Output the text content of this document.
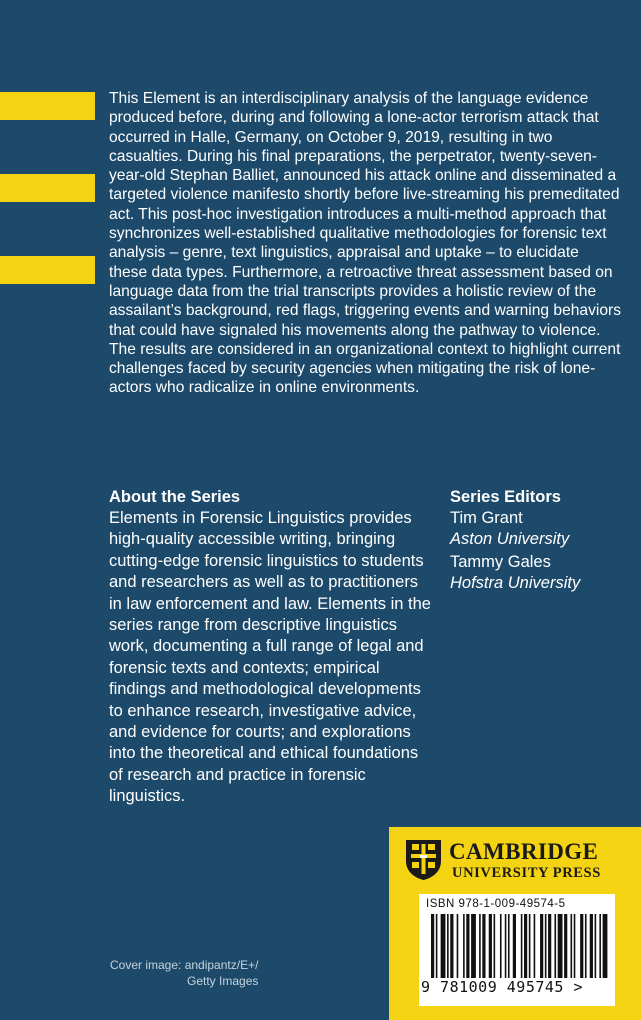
This Element is an interdisciplinary analysis of the language evidence produced before, during and following a lone-actor terrorism attack that occurred in Halle, Germany, on October 9, 2019, resulting in two casualties. During his final preparations, the perpetrator, twenty-seven-year-old Stephan Balliet, announced his attack online and disseminated a targeted violence manifesto shortly before live-streaming his premeditated act. This post-hoc investigation introduces a multi-method approach that synchronizes well-established qualitative methodologies for forensic text analysis – genre, text linguistics, appraisal and uptake – to elucidate these data types. Furthermore, a retroactive threat assessment based on language data from the trial transcripts provides a holistic review of the assailant’s background, red flags, triggering events and warning behaviors that could have signaled his movements along the pathway to violence. The results are considered in an organizational context to highlight current challenges faced by security agencies when mitigating the risk of lone-actors who radicalize in online environments.

About the Series

Elements in Forensic Linguistics provides high-quality accessible writing, bringing cutting-edge forensic linguistics to students and researchers as well as to practitioners in law enforcement and law. Elements in the series range from descriptive linguistics work, documenting a full range of legal and forensic texts and contexts; empirical findings and methodological developments to enhance research, investigative advice, and evidence for courts; and explorations into the theoretical and ethical foundations of research and practice in forensic linguistics.

Series Editors
Tim Grant
Aston University
Tammy Gales
Hofstra University
Cover image: andipantz/E+/
Getty Images
CAMBRIDGE
UNIVERSITY PRESS
ISBN 978-1-009-49574-5
9 781009 495745 >
